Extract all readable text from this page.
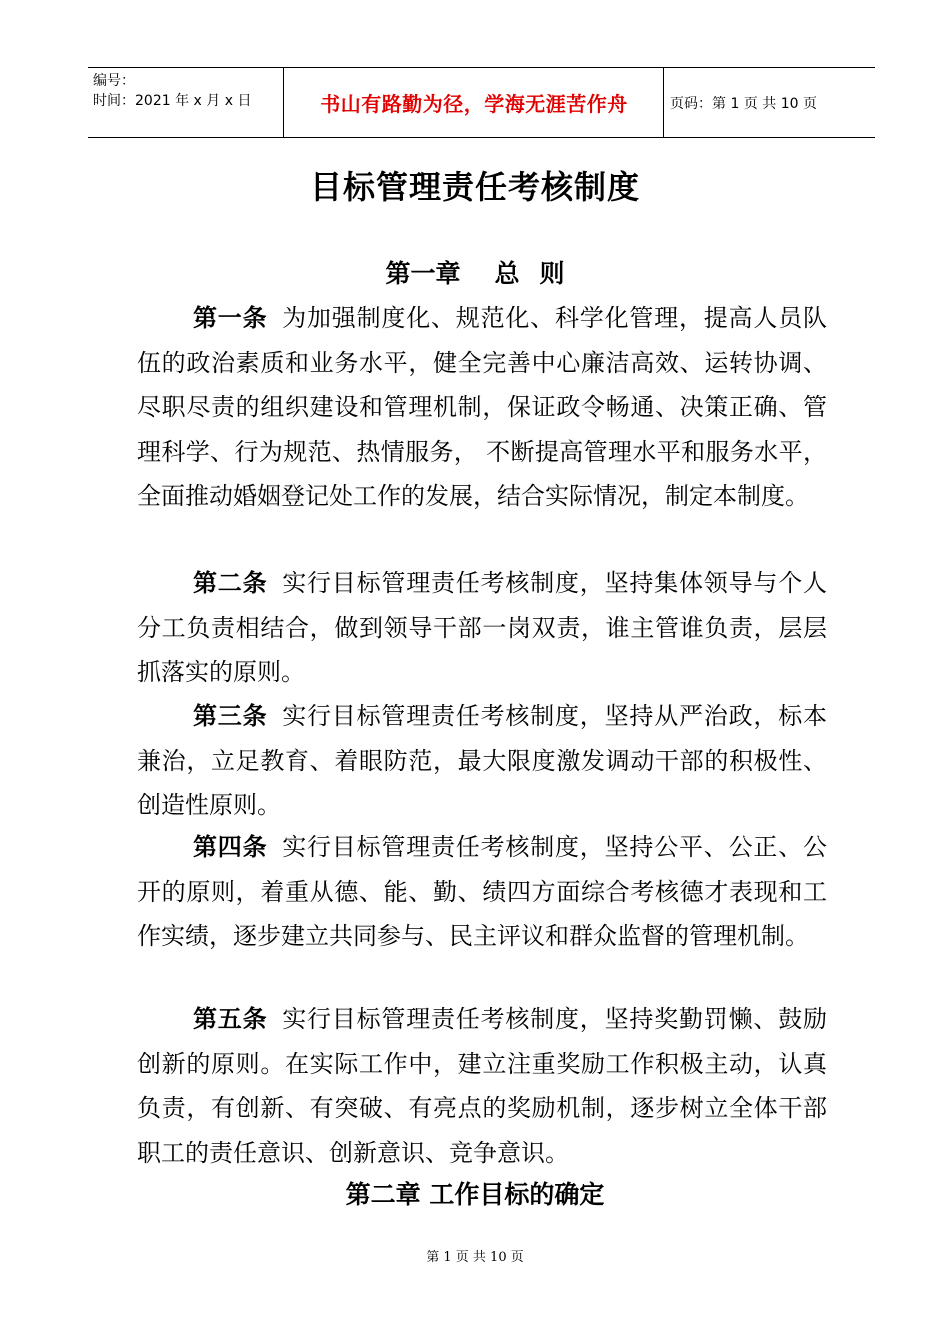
编号：
时间：2021 年 x 月 x 日	书山有路勤为径，学海无涯苦作舟	页码：第 1 页 共 10 页
目标管理责任考核制度
第一章 总 则
第一条 为加强制度化、规范化、科学化管理，提高人员队伍的政治素质和业务水平，健全完善中心廉洁高效、运转协调、尽职尽责的组织建设和管理机制，保证政令畅通、决策正确、管理科学、行为规范、热情服务， 不断提高管理水平和服务水平，全面推动婚姻登记处工作的发展，结合实际情况，制定本制度。
第二条 实行目标管理责任考核制度，坚持集体领导与个人分工负责相结合，做到领导干部一岗双责，谁主管谁负责，层层抓落实的原则。
第三条 实行目标管理责任考核制度，坚持从严治政，标本兼治，立足教育、着眼防范，最大限度激发调动干部的积极性、创造性原则。
第四条 实行目标管理责任考核制度，坚持公平、公正、公开的原则，着重从德、能、勤、绩四方面综合考核德才表现和工作实绩，逐步建立共同参与、民主评议和群众监督的管理机制。
第五条 实行目标管理责任考核制度，坚持奖勤罚懒、鼓励创新的原则。在实际工作中，建立注重奖励工作积极主动，认真负责，有创新、有突破、有亮点的奖励机制，逐步树立全体干部职工的责任意识、创新意识、竞争意识。
第二章 工作目标的确定
第 1 页 共 10 页
